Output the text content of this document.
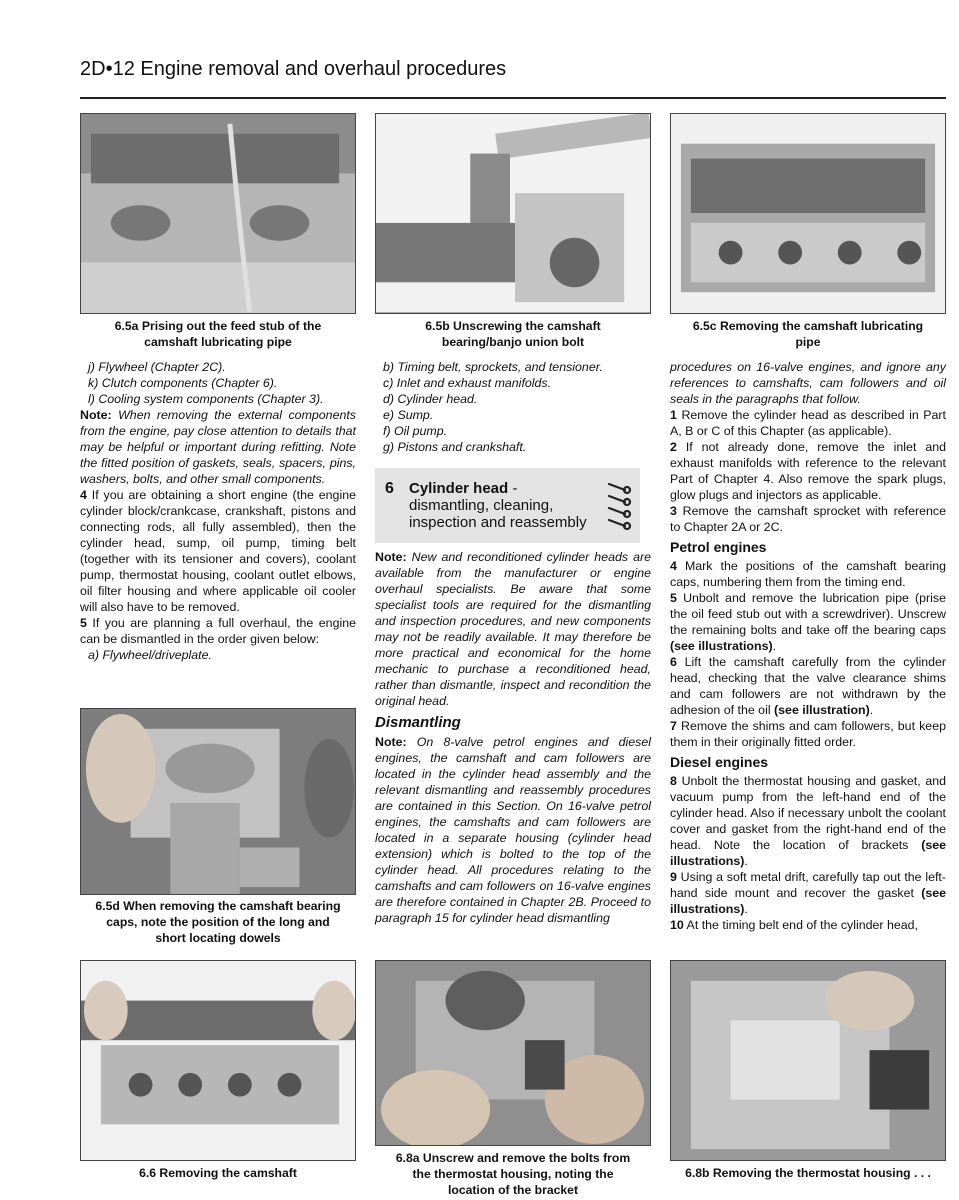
2D•12 Engine removal and overhaul procedures
6.5a Prising out the feed stub of the
camshaft lubricating pipe
6.5b Unscrewing the camshaft
bearing/banjo union bolt
6.5c Removing the camshaft lubricating
pipe

j) Flywheel (Chapter 2C).

k) Clutch components (Chapter 6).

l) Cooling system components (Chapter 3).

Note: When removing the external components from the engine, pay close attention to details that may be helpful or important during refitting. Note the fitted position of gaskets, seals, spacers, pins, washers, bolts, and other small components.

4 If you are obtaining a short engine (the engine cylinder block/crankcase, crankshaft, pistons and connecting rods, all fully assembled), then the cylinder head, sump, oil pump, timing belt (together with its tensioner and covers), coolant pump, thermostat housing, coolant outlet elbows, oil filter housing and where applicable oil cooler will also have to be removed.

5 If you are planning a full overhaul, the engine can be dismantled in the order given below:

a) Flywheel/driveplate.

6.5d When removing the camshaft bearing
caps, note the position of the long and
short locating dowels

b) Timing belt, sprockets, and tensioner.

c) Inlet and exhaust manifolds.

d) Cylinder head.

e) Sump.

f) Oil pump.

g) Pistons and crankshaft.

6 Cylinder head -
dismantling, cleaning,
inspection and reassembly

Note: New and reconditioned cylinder heads are available from the manufacturer or engine overhaul specialists. Be aware that some specialist tools are required for the dismantling and inspection procedures, and new components may not be readily available. It may therefore be more practical and economical for the home mechanic to purchase a reconditioned head, rather than dismantle, inspect and recondition the original head.

Dismantling

Note: On 8-valve petrol engines and diesel engines, the camshaft and cam followers are located in the cylinder head assembly and the relevant dismantling and reassembly procedures are contained in this Section. On 16-valve petrol engines, the camshafts and cam followers are located in a separate housing (cylinder head extension) which is bolted to the top of the cylinder head. All procedures relating to the camshafts and cam followers on 16-valve engines are therefore contained in Chapter 2B. Proceed to paragraph 15 for cylinder head dismantling

procedures on 16-valve engines, and ignore any references to camshafts, cam followers and oil seals in the paragraphs that follow.

1 Remove the cylinder head as described in Part A, B or C of this Chapter (as applicable).

2 If not already done, remove the inlet and exhaust manifolds with reference to the relevant Part of Chapter 4. Also remove the spark plugs, glow plugs and injectors as applicable.

3 Remove the camshaft sprocket with reference to Chapter 2A or 2C.

Petrol engines

4 Mark the positions of the camshaft bearing caps, numbering them from the timing end.

5 Unbolt and remove the lubrication pipe (prise the oil feed stub out with a screwdriver). Unscrew the remaining bolts and take off the bearing caps (see illustrations).

6 Lift the camshaft carefully from the cylinder head, checking that the valve clearance shims and cam followers are not withdrawn by the adhesion of the oil (see illustration).

7 Remove the shims and cam followers, but keep them in their originally fitted order.

Diesel engines

8 Unbolt the thermostat housing and gasket, and vacuum pump from the left-hand end of the cylinder head. Also if necessary unbolt the coolant cover and gasket from the right-hand end of the head. Note the location of brackets (see illustrations).

9 Using a soft metal drift, carefully tap out the left-hand side mount and recover the gasket (see illustrations).

10 At the timing belt end of the cylinder head,

6.6 Removing the camshaft
6.8a Unscrew and remove the bolts from
the thermostat housing, noting the
location of the bracket
6.8b Removing the thermostat housing . . .
